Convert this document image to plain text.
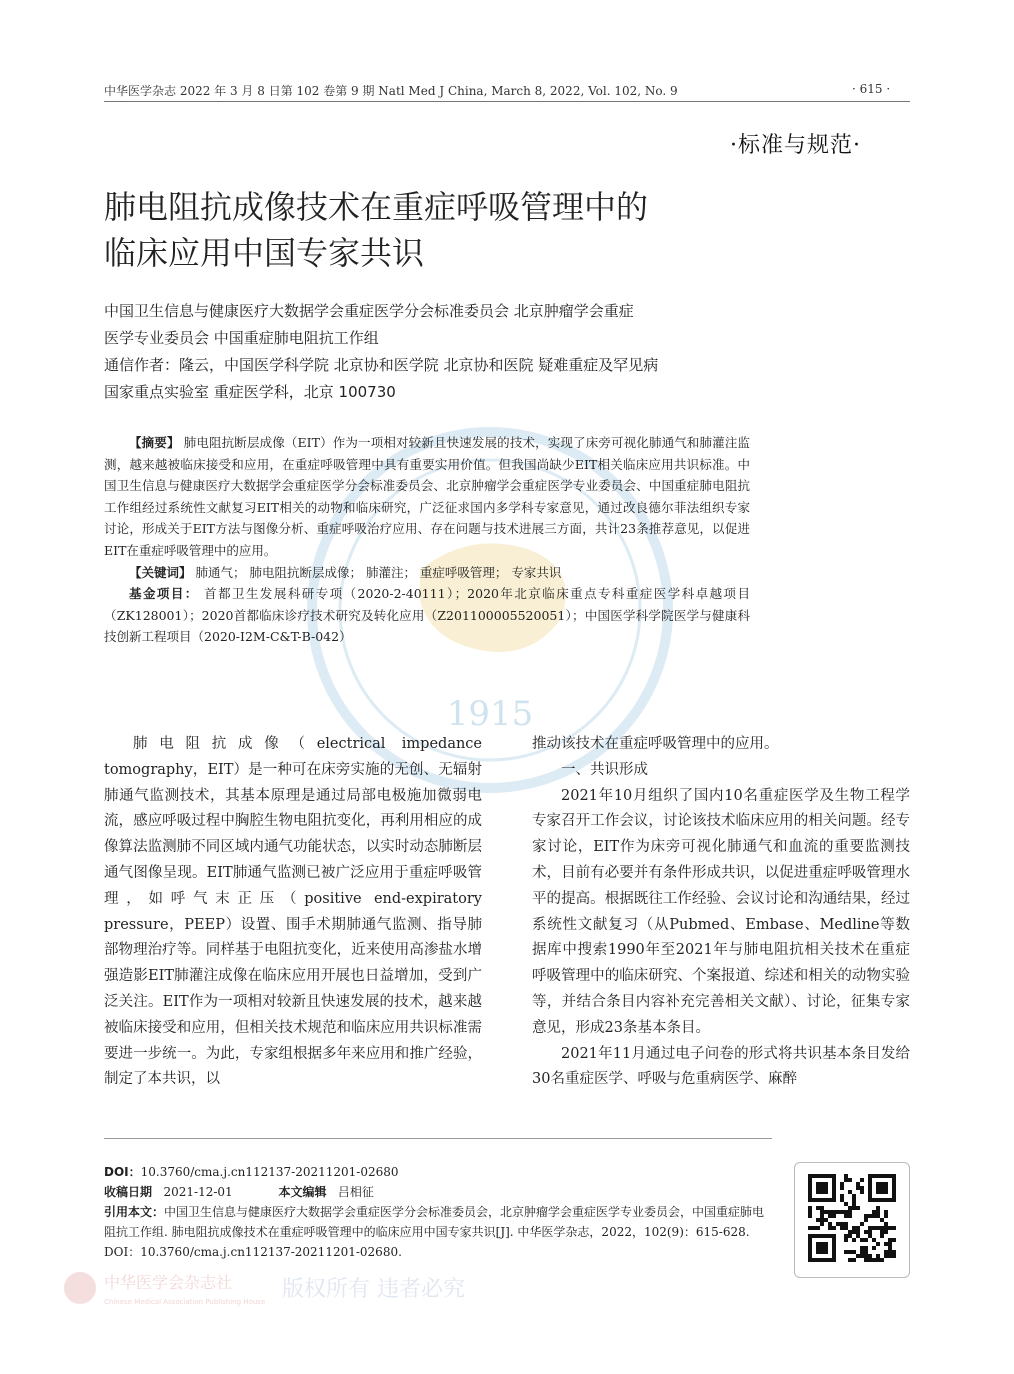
1915
中华医学杂志 2022 年 3 月 8 日第 102 卷第 9 期 Natl Med J China, March 8, 2022, Vol. 102, No. 9	· 615 ·
·标准与规范·
肺电阻抗成像技术在重症呼吸管理中的
临床应用中国专家共识
中国卫生信息与健康医疗大数据学会重症医学分会标准委员会 北京肿瘤学会重症
医学专业委员会 中国重症肺电阻抗工作组
通信作者：隆云，中国医学科学院 北京协和医学院 北京协和医院 疑难重症及罕见病
国家重点实验室 重症医学科，北京 100730

【摘要】 肺电阻抗断层成像（EIT）作为一项相对较新且快速发展的技术，实现了床旁可视化肺通气和肺灌注监测，越来越被临床接受和应用，在重症呼吸管理中具有重要实用价值。但我国尚缺少EIT相关临床应用共识标准。中国卫生信息与健康医疗大数据学会重症医学分会标准委员会、北京肿瘤学会重症医学专业委员会、中国重症肺电阻抗工作组经过系统性文献复习EIT相关的动物和临床研究，广泛征求国内多学科专家意见，通过改良德尔菲法组织专家讨论，形成关于EIT方法与图像分析、重症呼吸治疗应用、存在问题与技术进展三方面，共计23条推荐意见，以促进EIT在重症呼吸管理中的应用。

【关键词】 肺通气； 肺电阻抗断层成像； 肺灌注； 重症呼吸管理； 专家共识

基金项目： 首都卫生发展科研专项（2020-2-40111）；2020年北京临床重点专科重症医学科卓越项目（ZK128001）；2020首都临床诊疗技术研究及转化应用（Z201100005520051）；中国医学科学院医学与健康科技创新工程项目（2020-I2M-C&T-B-042）

肺电阻抗成像（electrical impedance tomography，EIT）是一种可在床旁实施的无创、无辐射肺通气监测技术，其基本原理是通过局部电极施加微弱电流，感应呼吸过程中胸腔生物电阻抗变化，再利用相应的成像算法监测肺不同区域内通气功能状态，以实时动态肺断层通气图像呈现。EIT肺通气监测已被广泛应用于重症呼吸管理，如呼气末正压（positive end-expiratory pressure，PEEP）设置、围手术期肺通气监测、指导肺部物理治疗等。同样基于电阻抗变化，近来使用高渗盐水增强造影EIT肺灌注成像在临床应用开展也日益增加，受到广泛关注。EIT作为一项相对较新且快速发展的技术，越来越被临床接受和应用，但相关技术规范和临床应用共识标准需要进一步统一。为此，专家组根据多年来应用和推广经验，制定了本共识，以

推动该技术在重症呼吸管理中的应用。

一、共识形成

2021年10月组织了国内10名重症医学及生物工程学专家召开工作会议，讨论该技术临床应用的相关问题。经专家讨论，EIT作为床旁可视化肺通气和血流的重要监测技术，目前有必要并有条件形成共识，以促进重症呼吸管理水平的提高。根据既往工作经验、会议讨论和沟通结果，经过系统性文献复习（从Pubmed、Embase、Medline等数据库中搜索1990年至2021年与肺电阻抗相关技术在重症呼吸管理中的临床研究、个案报道、综述和相关的动物实验等，并结合条目内容补充完善相关文献）、讨论，征集专家意见，形成23条基本条目。

2021年11月通过电子问卷的形式将共识基本条目发给30名重症医学、呼吸与危重病医学、麻醉

DOI：10.3760/cma.j.cn112137-20211201-02680

收稿日期 2021-12-01	本文编辑 吕相征

引用本文：中国卫生信息与健康医疗大数据学会重症医学分会标准委员会，北京肿瘤学会重症医学专业委员会，中国重症肺电阻抗工作组. 肺电阻抗成像技术在重症呼吸管理中的临床应用中国专家共识[J]. 中华医学杂志，2022，102(9)：615-628. DOI：10.3760/cma.j.cn112137-20211201-02680.

中华医学会杂志社
Chinese Medical Association Publishing House 版权所有 违者必究
